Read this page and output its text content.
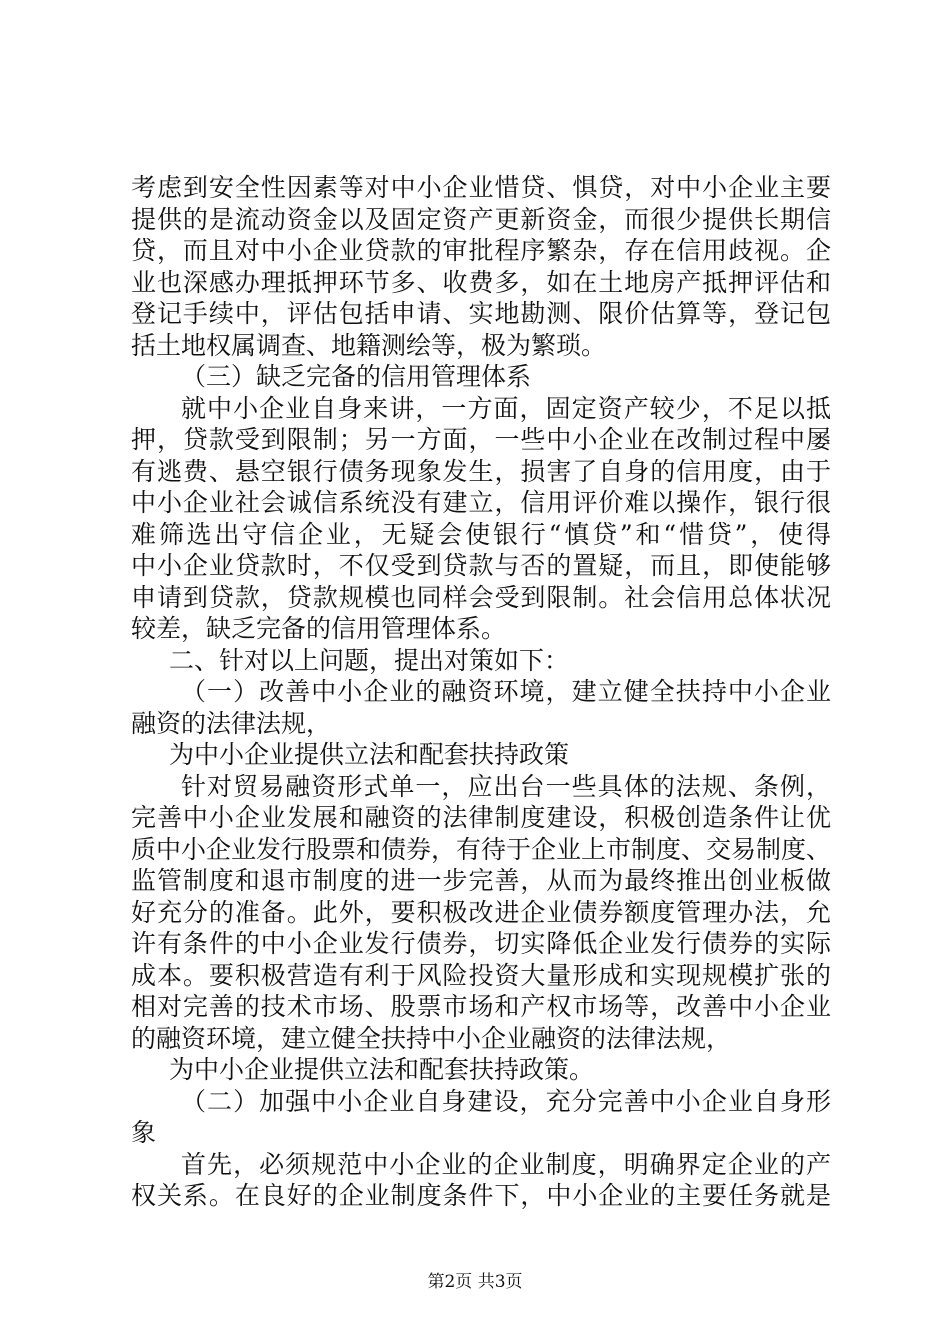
考虑到安全性因素等对中小企业惜贷、惧贷，对中小企业主要
提供的是流动资金以及固定资产更新资金，而很少提供长期信
贷，而且对中小企业贷款的审批程序繁杂，存在信用歧视。企
业也深感办理抵押环节多、收费多，如在土地房产抵押评估和
登记手续中，评估包括申请、实地勘测、限价估算等，登记包
括土地权属调查、地籍测绘等，极为繁琐。
（三）缺乏完备的信用管理体系
就中小企业自身来讲，一方面，固定资产较少，不足以抵
押，贷款受到限制；另一方面，一些中小企业在改制过程中屡
有逃费、悬空银行债务现象发生，损害了自身的信用度，由于
中小企业社会诚信系统没有建立，信用评价难以操作，银行很
难筛选出守信企业，无疑会使银行“慎贷”和“惜贷”，使得
中小企业贷款时，不仅受到贷款与否的置疑，而且，即使能够
申请到贷款，贷款规模也同样会受到限制。社会信用总体状况
较差，缺乏完备的信用管理体系。
二、针对以上问题，提出对策如下：
（一）改善中小企业的融资环境，建立健全扶持中小企业
融资的法律法规，
为中小企业提供立法和配套扶持政策
针对贸易融资形式单一，应出台一些具体的法规、条例，
完善中小企业发展和融资的法律制度建设，积极创造条件让优
质中小企业发行股票和债券，有待于企业上市制度、交易制度、
监管制度和退市制度的进一步完善，从而为最终推出创业板做
好充分的准备。此外，要积极改进企业债券额度管理办法，允
许有条件的中小企业发行债券，切实降低企业发行债券的实际
成本。要积极营造有利于风险投资大量形成和实现规模扩张的
相对完善的技术市场、股票市场和产权市场等，改善中小企业
的融资环境，建立健全扶持中小企业融资的法律法规，
为中小企业提供立法和配套扶持政策。
（二）加强中小企业自身建设，充分完善中小企业自身形
象
首先，必须规范中小企业的企业制度，明确界定企业的产
权关系。在良好的企业制度条件下，中小企业的主要任务就是
第2页 共3页
